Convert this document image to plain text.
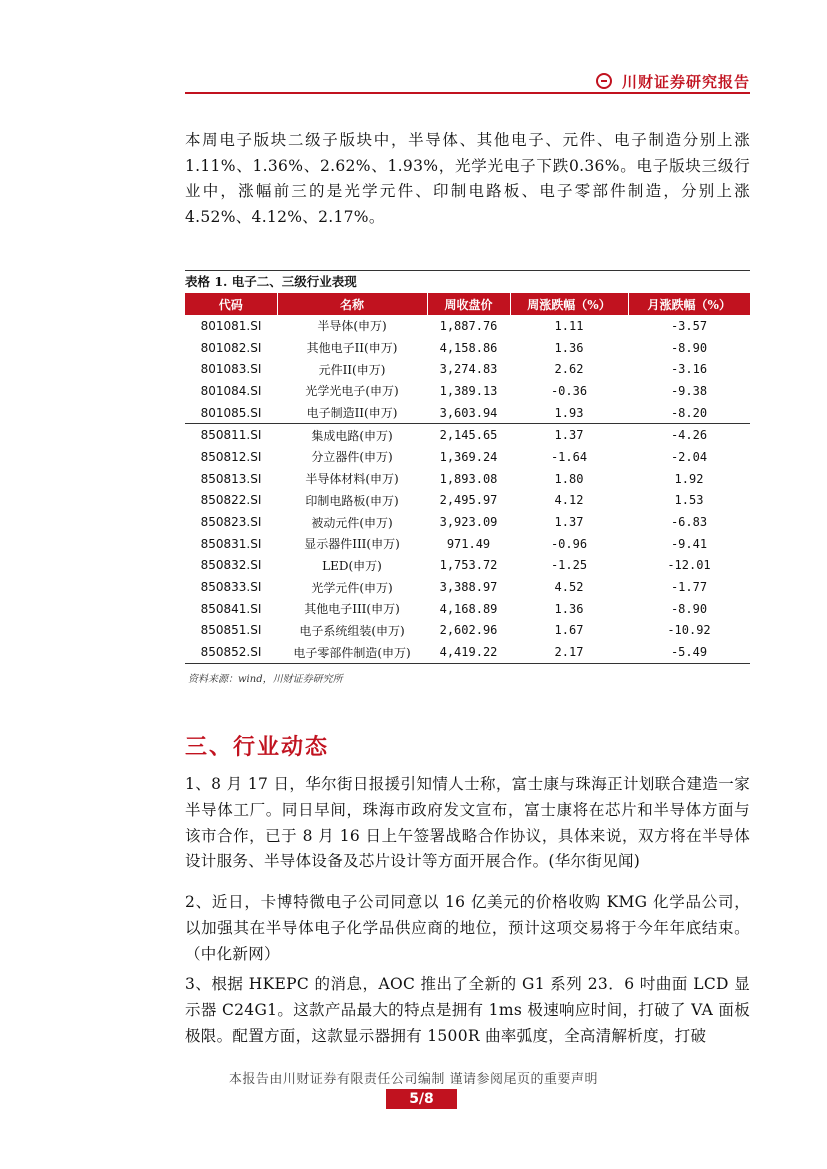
川财证券研究报告
本周电子版块二级子版块中，半导体、其他电子、元件、电子制造分别上涨1.11%、1.36%、2.62%、1.93%，光学光电子下跌0.36%。电子版块三级行业中，涨幅前三的是光学元件、印制电路板、电子零部件制造，分别上涨4.52%、4.12%、2.17%。
表格 1. 电子二、三级行业表现
代码	名称	周收盘价	周涨跌幅（%）	月涨跌幅（%）
801081.SI	半导体(申万)	1,887.76	1.11	-3.57
801082.SI	其他电子II(申万)	4,158.86	1.36	-8.90
801083.SI	元件II(申万)	3,274.83	2.62	-3.16
801084.SI	光学光电子(申万)	1,389.13	-0.36	-9.38
801085.SI	电子制造II(申万)	3,603.94	1.93	-8.20
850811.SI	集成电路(申万)	2,145.65	1.37	-4.26
850812.SI	分立器件(申万)	1,369.24	-1.64	-2.04
850813.SI	半导体材料(申万)	1,893.08	1.80	1.92
850822.SI	印制电路板(申万)	2,495.97	4.12	1.53
850823.SI	被动元件(申万)	3,923.09	1.37	-6.83
850831.SI	显示器件III(申万)	971.49	-0.96	-9.41
850832.SI	LED(申万)	1,753.72	-1.25	-12.01
850833.SI	光学元件(申万)	3,388.97	4.52	-1.77
850841.SI	其他电子III(申万)	4,168.89	1.36	-8.90
850851.SI	电子系统组装(申万)	2,602.96	1.67	-10.92
850852.SI	电子零部件制造(申万)	4,419.22	2.17	-5.49
资料来源：wind，川财证券研究所
三、行业动态
1、8 月 17 日，华尔街日报援引知情人士称，富士康与珠海正计划联合建造一家半导体工厂。同日早间，珠海市政府发文宣布，富士康将在芯片和半导体方面与该市合作，已于 8 月 16 日上午签署战略合作协议，具体来说，双方将在半导体设计服务、半导体设备及芯片设计等方面开展合作。(华尔街见闻)
2、近日，卡博特微电子公司同意以 16 亿美元的价格收购 KMG 化学品公司，以加强其在半导体电子化学品供应商的地位，预计这项交易将于今年年底结束。（中化新网）
3、根据 HKEPC 的消息，AOC 推出了全新的 G1 系列 23．6 吋曲面 LCD 显示器 C24G1。这款产品最大的特点是拥有 1ms 极速响应时间，打破了 VA 面板极限。配置方面，这款显示器拥有 1500R 曲率弧度，全高清解析度，打破
本报告由川财证券有限责任公司编制 谨请参阅尾页的重要声明
5/8
